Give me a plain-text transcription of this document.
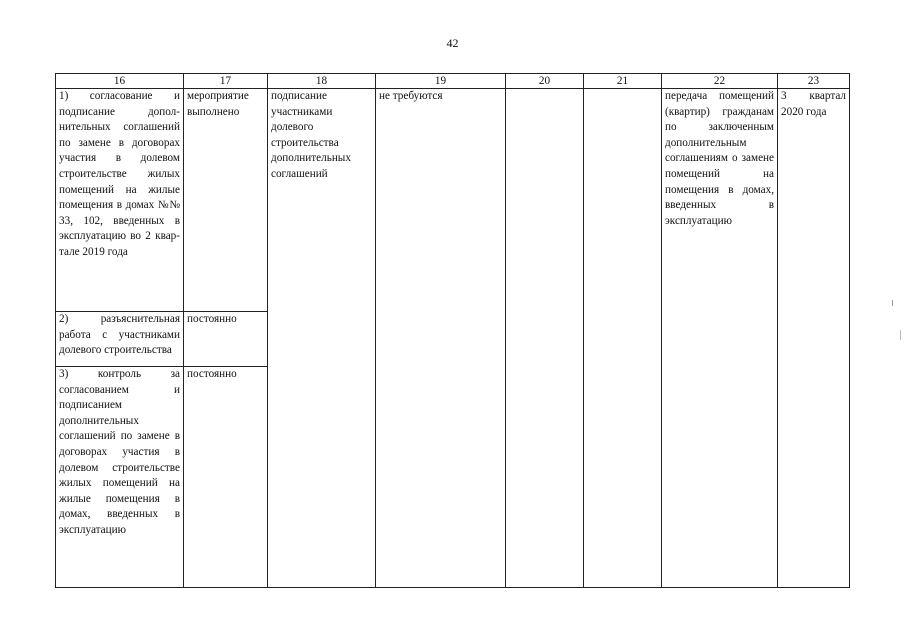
42
16	17	18	19	20	21	22	23
1) согласование и подписание дополнительных соглашений по замене в договорах участия в долевом строительстве жилых помещений на жилые помещения в домах №№ 33, 102, введенных в эксплуатацию во 2 квартале 2019 года	мероприятие выполнено	подписание участниками долевого строительства дополнительных соглашений	не требуются			передача помещений (квартир) гражданам по заключенным дополнительным соглашениям о замене помещений на помещения в домах, введенных в эксплуатацию	3 квартал 2020 года
2) разъяснительная работа с участниками долевого строительства	постоянно						
3) контроль за согласованием и подписанием дополнительных соглашений по замене в договорах участия в долевом строительстве жилых помещений на жилые помещения в домах, введенных в эксплуатацию	постоянно						
